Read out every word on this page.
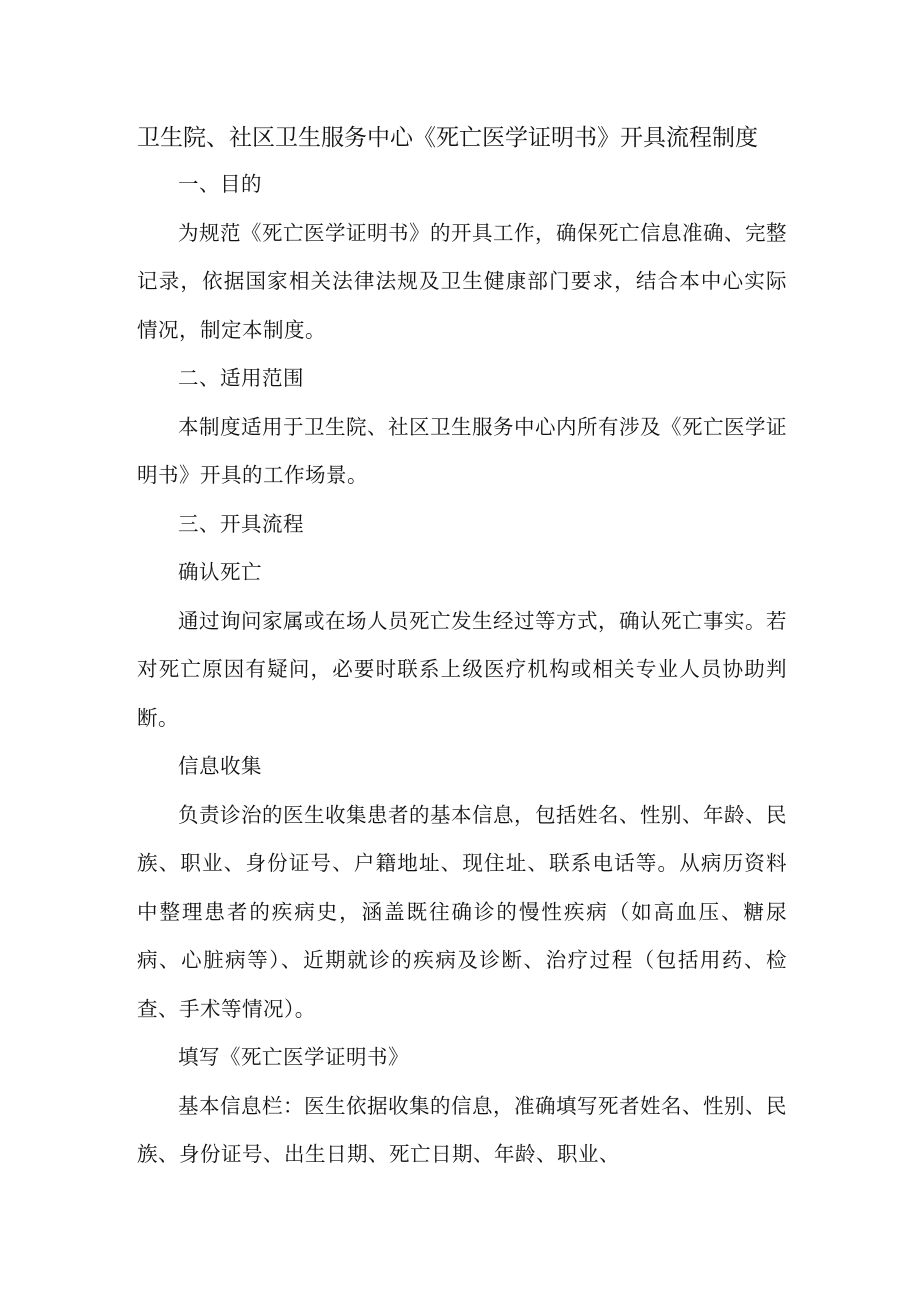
卫生院、社区卫生服务中心《死亡医学证明书》开具流程制度

一、目的

为规范《死亡医学证明书》的开具工作，确保死亡信息准确、完整记录，依据国家相关法律法规及卫生健康部门要求，结合本中心实际情况，制定本制度。

二、适用范围

本制度适用于卫生院、社区卫生服务中心内所有涉及《死亡医学证明书》开具的工作场景。

三、开具流程

确认死亡

通过询问家属或在场人员死亡发生经过等方式，确认死亡事实。若对死亡原因有疑问，必要时联系上级医疗机构或相关专业人员协助判断。

信息收集

负责诊治的医生收集患者的基本信息，包括姓名、性别、年龄、民族、职业、身份证号、户籍地址、现住址、联系电话等。从病历资料中整理患者的疾病史，涵盖既往确诊的慢性疾病（如高血压、糖尿病、心脏病等）、近期就诊的疾病及诊断、治疗过程（包括用药、检查、手术等情况）。

填写《死亡医学证明书》

基本信息栏：医生依据收集的信息，准确填写死者姓名、性别、民族、身份证号、出生日期、死亡日期、年龄、职业、
